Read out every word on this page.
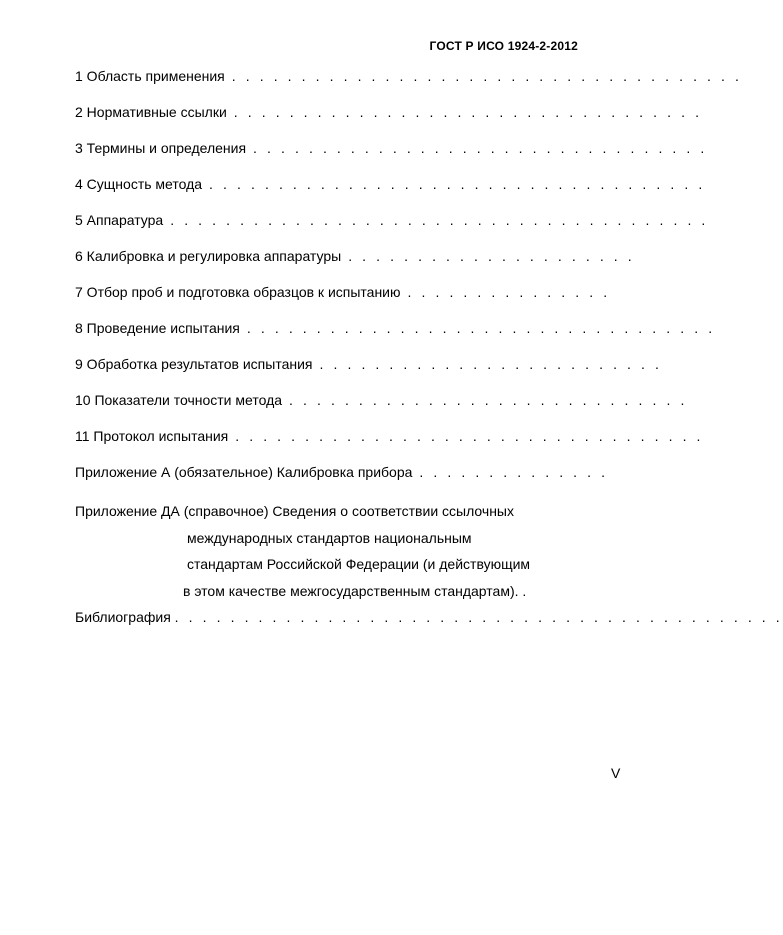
ГОСТ Р ИСО 1924-2-2012
1 Область применения . . . . . . . . . . . . . . . . . . . . . . . . . . . . . . . . . . . . .
2 Нормативные ссылки . . . . . . . . . . . . . . . . . . . . . . . . . . . . . . . . . .
3 Термины и определения . . . . . . . . . . . . . . . . . . . . . . . . . . . . . . . . .
4 Сущность метода . . . . . . . . . . . . . . . . . . . . . . . . . . . . . . . . . . . .
5 Аппаратура . . . . . . . . . . . . . . . . . . . . . . . . . . . . . . . . . . . . . . .
6 Калибровка и регулировка аппаратуры . . . . . . . . . . . . . . . . . . . . .
7 Отбор проб и подготовка образцов к испытанию . . . . . . . . . . . . . . .
8 Проведение испытания . . . . . . . . . . . . . . . . . . . . . . . . . . . . . . . . . .
9 Обработка результатов испытания . . . . . . . . . . . . . . . . . . . . . . . . .
10 Показатели точности метода . . . . . . . . . . . . . . . . . . . . . . . . . . . . .
11 Протокол испытания . . . . . . . . . . . . . . . . . . . . . . . . . . . . . . . . . .
Приложение А (обязательное) Калибровка прибора . . . . . . . . . . . . . .
Приложение ДА (справочное) Сведения о соответствии ссылочных
международных стандартов национальным
стандартам Российской Федерации (и действующим
в этом качестве межгосударственным стандартам). .
Библиография . . . . . . . . . . . . . . . . . . . . . . . . . . . . . . . . . . . . . . . . . . . .
V
